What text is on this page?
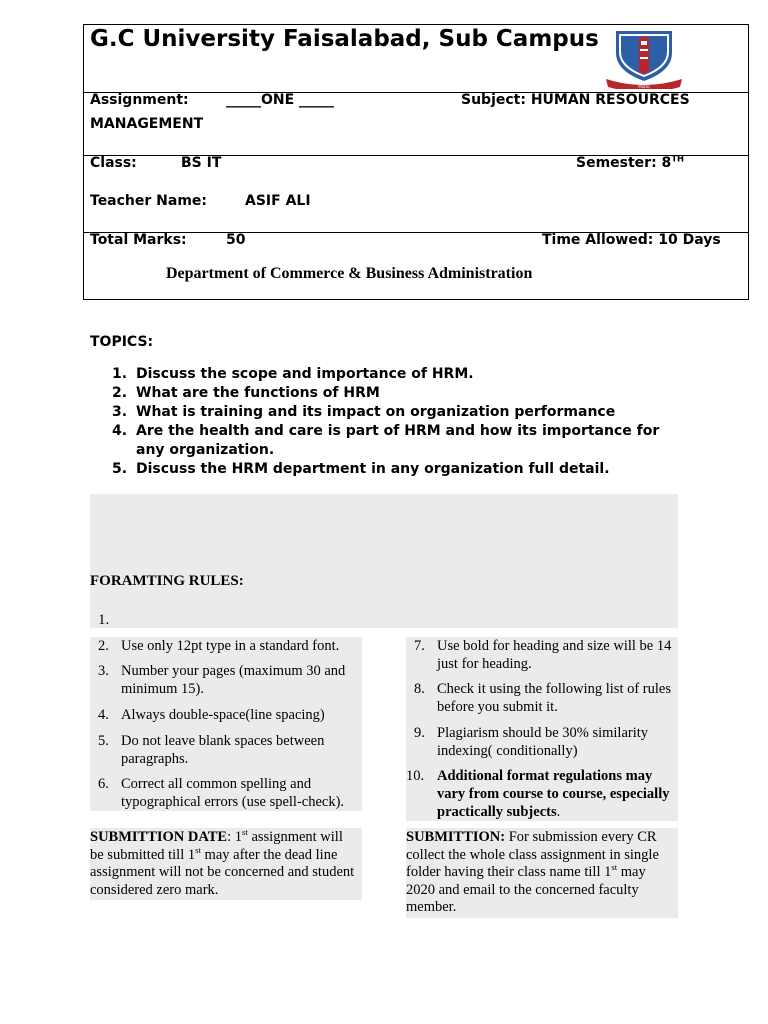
G.C University Faisalabad, Sub Campus
Motto
Assignment:	_____ONE _____	Subject: HUMAN RESOURCES
MANAGEMENT
Class:	BS IT	Semester: 8TH
Teacher Name:	ASIF ALI
Total Marks:	50	Time Allowed: 10 Days
Department of Commerce & Business Administration
TOPICS:
1. Discuss the scope and importance of HRM.
2. What are the functions of HRM
3. What is training and its impact on organization performance
4. Are the health and care is part of HRM and how its importance for any organization.
5. Discuss the HRM department in any organization full detail.
FORAMTING RULES:
1.
2. Use only 12pt type in a standard font.
3. Number your pages (maximum 30 and minimum 15).
4. Always double-space(line spacing)
5. Do not leave blank spaces between paragraphs.
6. Correct all common spelling and typographical errors (use spell-check).
7. Use bold for heading and size will be 14 just for heading.
8. Check it using the following list of rules before you submit it.
9. Plagiarism should be 30% similarity indexing( conditionally)
10. Additional format regulations may vary from course to course, especially practically subjects.
SUBMITTION DATE: 1st assignment will be submitted till 1st may after the dead line assignment will not be concerned and student considered zero mark.
SUBMITTION: For submission every CR collect the whole class assignment in single folder having their class name till 1st may 2020 and email to the concerned faculty member.
